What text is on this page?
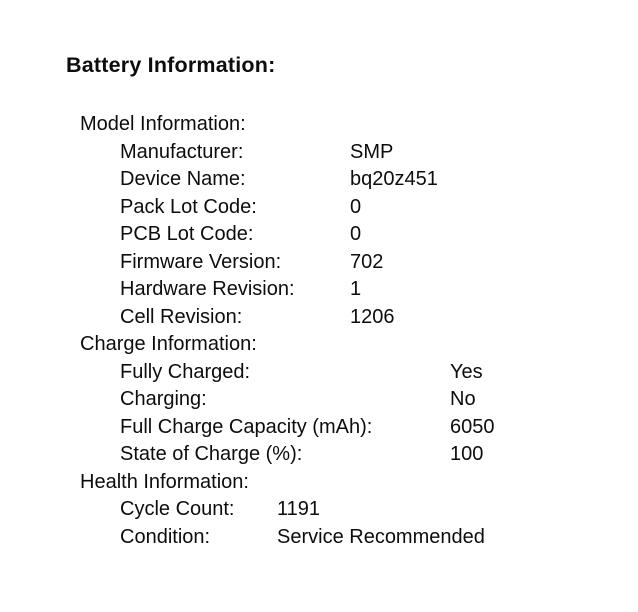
Battery Information:
Model Information:
Manufacturer:	SMP
Device Name:	bq20z451
Pack Lot Code:	0
PCB Lot Code:	0
Firmware Version:	702
Hardware Revision:	1
Cell Revision:	1206
Charge Information:
Fully Charged:	Yes
Charging:	No
Full Charge Capacity (mAh):	6050
State of Charge (%):	100
Health Information:
Cycle Count:	1191
Condition:	Service Recommended
